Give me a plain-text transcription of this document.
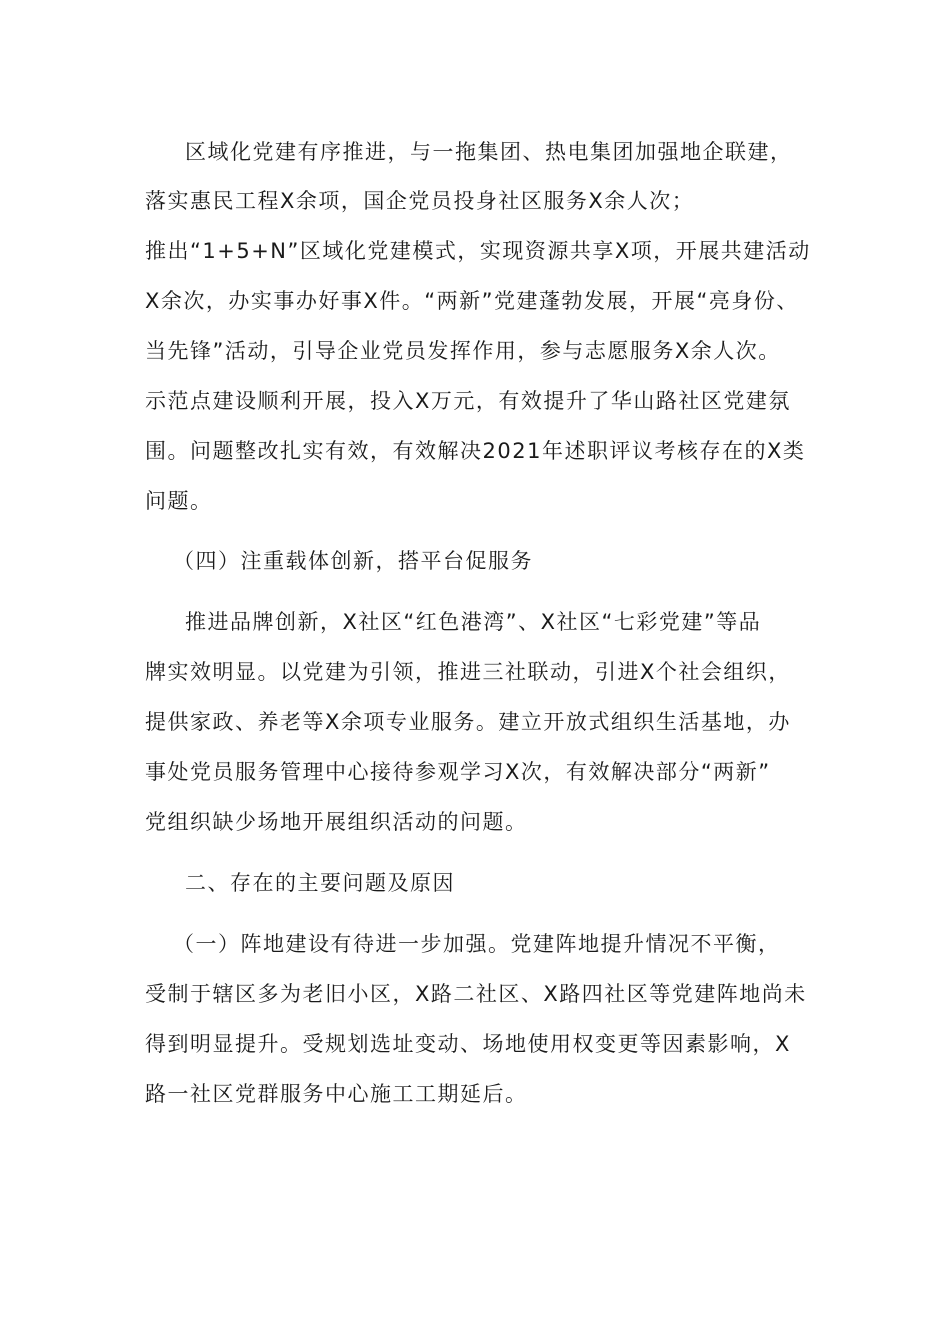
区域化党建有序推进，与一拖集团、热电集团加强地企联建，
落实惠民工程X余项，国企党员投身社区服务X余人次；
推出“1+5+N”区域化党建模式，实现资源共享X项，开展共建活动
X余次，办实事办好事X件。“两新”党建蓬勃发展，开展“亮身份、
当先锋”活动，引导企业党员发挥作用，参与志愿服务X余人次。
示范点建设顺利开展，投入X万元，有效提升了华山路社区党建氛
围。问题整改扎实有效，有效解决2021年述职评议考核存在的X类
问题。
（四）注重载体创新，搭平台促服务
推进品牌创新，X社区“红色港湾”、X社区“七彩党建”等品
牌实效明显。以党建为引领，推进三社联动，引进X个社会组织，
提供家政、养老等X余项专业服务。建立开放式组织生活基地，办
事处党员服务管理中心接待参观学习X次，有效解决部分“两新”
党组织缺少场地开展组织活动的问题。
二、存在的主要问题及原因
（一）阵地建设有待进一步加强。党建阵地提升情况不平衡，
受制于辖区多为老旧小区，X路二社区、X路四社区等党建阵地尚未
得到明显提升。受规划选址变动、场地使用权变更等因素影响，X
路一社区党群服务中心施工工期延后。
